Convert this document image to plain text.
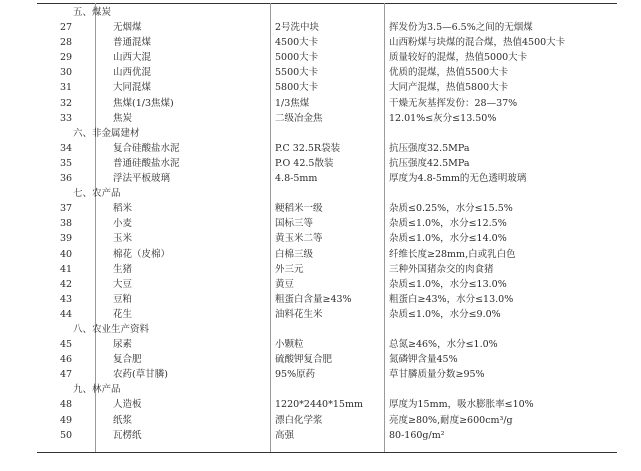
五、煤炭
27	无烟煤	2号洗中块	挥发份为3.5—6.5%之间的无烟煤
28	普通混煤	4500大卡	山西粉煤与块煤的混合煤，热值4500大卡
29	山西大混	5000大卡	质量较好的混煤，热值5000大卡
30	山西优混	5500大卡	优质的混煤，热值5500大卡
31	大同混煤	5800大卡	大同产混煤，热值5800大卡
32	焦煤(1/3焦煤)	1/3焦煤	干燥无灰基挥发份：28—37%
33	焦炭	二级冶金焦	12.01%≤灰分≤13.50%
六、非金属建材
34	复合硅酸盐水泥	P.C 32.5R袋装	抗压强度32.5MPa
35	普通硅酸盐水泥	P.O 42.5散装	抗压强度42.5MPa
36	浮法平板玻璃	4.8-5mm	厚度为4.8-5mm的无色透明玻璃
七、农产品
37	稻米	粳稻米一级	杂质≤0.25%，水分≤15.5%
38	小麦	国标三等	杂质≤1.0%，水分≤12.5%
39	玉米	黄玉米二等	杂质≤1.0%，水分≤14.0%
40	棉花（皮棉）	白棉三级	纤维长度≥28mm,白或乳白色
41	生猪	外三元	三种外国猪杂交的肉食猪
42	大豆	黄豆	杂质≤1.0%，水分≤13.0%
43	豆粕	粗蛋白含量≥43%	粗蛋白≥43%，水分≤13.0%
44	花生	油料花生米	杂质≤1.0%，水分≤9.0%
八、农业生产资料
45	尿素	小颗粒	总氮≥46%，水分≤1.0%
46	复合肥	硫酸钾复合肥	氮磷钾含量45%
47	农药(草甘膦)	95%原药	草甘膦质量分数≥95%
九、林产品
48	人造板	1220*2440*15mm	厚度为15mm，吸水膨胀率≤10%
49	纸浆	漂白化学浆	亮度≥80%,耐度≥600cm³/g
50	瓦楞纸	高强	80-160g/m²
